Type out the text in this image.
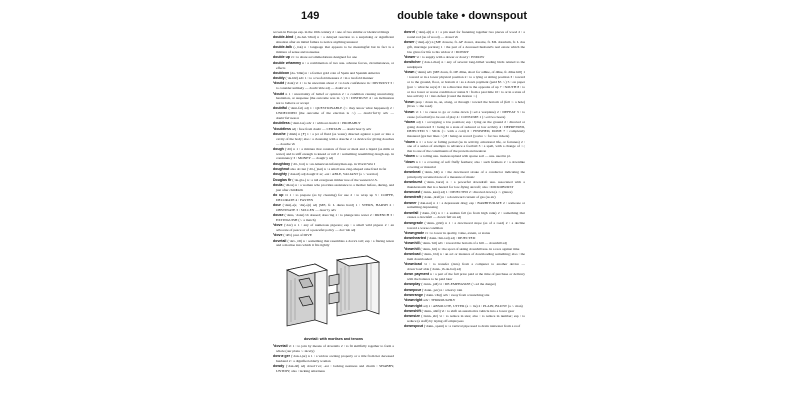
149	double take • downspout
woven in Europe esp. in the 16th century 2 : one of two similar or identical things
double-bind (ˌdə-bəl-ˈbīnd) n : a delayed reaction to a surprising or significant situation after an initial failure to notice anything unusual
double-talk (-ˌtȯk) n : language that appears to be meaningful but in fact is a mixture of sense and nonsense
double up vi : to share accommodations designed for one
double whammy n : a combination of two usu. adverse forces, circumstances, or effects
doubloon (də-ˈblün) n : a former gold coin of Spain and Spanish America
doubly (ˈdə-blē) adv 1 : to a twofold measure 2 : in a twofold manner
¹doubt (ˈdau̇t) vt 1 : to be uncertain about 2 : to lack confidence in : DISTRUST 3 : to consider unlikely — doubt·able adj — doubt·er n
²doubt n 1 : uncertainty of belief or opinion 2 : a condition causing uncertainty, hesitation, or suspense (the outcome was in ∼) 3 : DISTRUST 4 : an inclination not to believe or accept
doubtful (ˈdau̇t-fəl) adj 1 : QUESTIONABLE (∼ they know what happened) 2 : UNDECIDED (the outcome of the election is ∼) — doubt·ful·ly adv — doubt·ful·ness n
doubtless (ˈdau̇t-ləs) adv 1 : without doubt 2 : PROBABLY
²doubtless adj : free from doubt — CERTAIN — doubt·less·ly adv
douche (ˈdüsh) n [F] 1 : a jet of fluid (as water) directed against a part or into a cavity of the body; also : a cleansing with a douche 2 : a device for giving douches — douche vb
dough (ˈdō) n 1 : a mixture that consists of flour or meal and a liquid (as milk or water) and is stiff enough to knead or roll 2 : something resembling dough esp. in consistency 3 : MONEY — dough·y adj
doughboy (ˈdō-ˌbȯi) n : an American infantryman esp. in World War I
doughnut also do·nut (ˈdō-(ˌ)nət) n : a small usu. ring-shaped cake fried in fat
doughty (ˈdau̇-tē) adj dough·ti·er; -est : ABLE, VALIANT (a ∼ warrior)
Douglas fir (ˈdə-glə-) n : a tall evergreen timber tree of the western U.S.
doula (ˈdü-lə) n : a woman who provides assistance to a mother before, during, and just after childbirth
do up vt 1 : to prepare (as by cleaning) for use 2 : to wrap up 3 : COIFFE, DECORATE 4 : FASTEN
dour (ˈdau̇(-ə)r, ˈdu̇(-ə)r) adj [ME, fr. L durus hard] 1 : STERN, HARSH 2 : OBSTINATE 3 : SULLEN — dour·ly adv
douse (ˈdau̇s, ˈdau̇z) vb doused; dous·ing 1 : to plunge into water 2 : DRENCH 3 : EXTINGUISH (∼ a match)
¹dove (ˈdəv) n 1 : any of numerous pigeons; esp : a small wild pigeon 2 : an advocate of peace or of a peaceful policy — dov·ish adj
²dove (ˈdōv) past of DIVE
dovetail (ˈdəv-ˌtāl) n : something that resembles a dove's tail; esp : a flaring tenon and a mortise into which it fits tightly
dovetail: with mortises and tenons
²dovetail vt 1 : to join by means of dovetails 2 : to fit skillfully together to form a whole (our plans ∼ nicely)
dow·a·ger (ˈdau̇-i-jər) n 1 : a widow owning property or a title from her deceased husband 2 : a dignified elderly woman
dowdy (ˈdau̇-dē) adj dowd·i·er; -est : lacking neatness and charm : SHABBY, UNTIDY; also : lacking smartness
dow·el (ˈdau̇(-ə)l) n 1 : a pin used for fastening together two pieces of wood 2 : a round rod (as of wood) — dowel vb
dower (ˈdau̇(-ə)r) n [ME dowere, fr. AF dower, douaire, fr. ML dotarium, fr. L dos gift, marriage portion] 1 : the part of a deceased husband's real estate which the law gives for life to his widow 2 : DOWRY
²dower vt : to supply with a dower or dowry : ENDOW
dowitcher (ˈdau̇-i-chər) n : any of several long-billed wading birds related to the sandpipers
¹down (ˈdau̇n) adv [ME doun, fr. OE dūne, short for adūne, of dūne, fr. dūne hill] 1 : toward or in a lower physical position 2 : to a lying or sitting position 3 : toward or to the ground, floor, or bottom 4 : as a down payment (paid $5 ∼) 5 : on paper (put ∼ what he says) 6 : in a direction that is the opposite of up 7 : SOUTH 8 : to or in a lower or worse condition or status 9 : from a past time 10 : to or in a state of less activity 11 : into defeat (voted the motion ∼)
²down prep : down in, on, along, or through : toward the bottom of (fell ∼ a hole) (lives ∼ the road)
³down vt 1 : to cause to go or come down (∼ed a warplane) 2 : DEFEAT 3 : to cause (a football) to be out of play 4 : CONSUME 1 (∼ed two beers)
⁴down adj 1 : occupying a low position; esp : lying on the ground 2 : directed or going downward 3 : being in a state of reduced or low activity 4 : DEPRESSED, DEJECTED 5 : SICK (∼ with a cold) 6 : FINISHED, DONE 7 : completely mastered (got her lines ∼) 8 : being on record (you're ∼ for two tickets)
⁵down n 1 : a low or falling period (as in activity, emotional life, or fortunes) 2 : one of a series of attempts to advance a football 3 : a spell, with a change of ∼; that is one of the constituents of the protein and neutron
⁶down n : a rolling usu. treeless upland with sparse soil — usu. used in pl.
⁷down n 1 : a covering of soft fluffy feathers; also : such feathers 2 : a downlike covering or material
downbeat (ˈdau̇n-ˌbēt) n : the downward stroke of a conductor indicating the principally accented note of a measure of music
downburst (ˈdau̇n-ˌbərst) n : a powerful downdraft usu. associated with a thunderstorm that is a hazard for low-flying aircraft; also : MICROBURST
downcast (ˈdau̇n-ˌkast) adj 1 : DEJECTED 2 : directed down (a ∼ glance)
downdraft (ˈdau̇n-ˌdraft) n : a downward current of gas (as air)
downer (ˈdau̇-nər) n 1 : a depressant drug; esp : BARBITURATE 2 : someone or something depressing
downfall (ˈdau̇n-ˌfȯl) n 1 : a sudden fall (as from high rank) 2 : something that causes a downfall — down·fall·en adj
downgrade (ˈdau̇n-ˌgrād) n 1 : a downward slope (as of a road) 2 : a decline toward a worse condition
²downgrade vt : to lower in quality, value, extent, or status
downhearted (ˈdau̇n-ˈhär-təd) adj : DEJECTED
¹downhill (ˈdau̇n-ˈhil) adv : toward the bottom of a hill — downhill adj
²downhill (ˈdau̇n-ˌhil) n : the sport of skiing downhill usu. in a race against time
download (ˈdau̇n-ˌlōd) n : an act or instance of downloading something; also : the item downloaded
²download vt : to transfer (data) from a computer to another device — down·load·able (ˈdau̇n-ˌlō-də-bəl) adj
down payment n : a part of the full price paid at the time of purchase or delivery with the balance to be paid later
downplay (ˈdau̇n-ˌplā) vt : DE-EMPHASIZE (∼ed the danger)
downpour (ˈdau̇n-ˌpȯr) n : a heavy rain
downrange (ˈdau̇n-ˈrānj) adv : away from a launching site
¹downright adv : THOROUGHLY
²downright adj 1 : ABSOLUTE, UTTER (a ∼ lie) 2 : PLAIN, BLUNT (a ∼ man)
downshift (ˈdau̇n-ˌshift) vi : to shift an automotive vehicle into a lower gear
downsize (ˈdau̇n-ˌsīz) vt : to reduce in size; also : to reduce in number; esp : to reduce (a staff) by laying off employees
downspout (ˈdau̇n-ˌspau̇t) n : a vertical pipe used to drain rainwater from a roof
